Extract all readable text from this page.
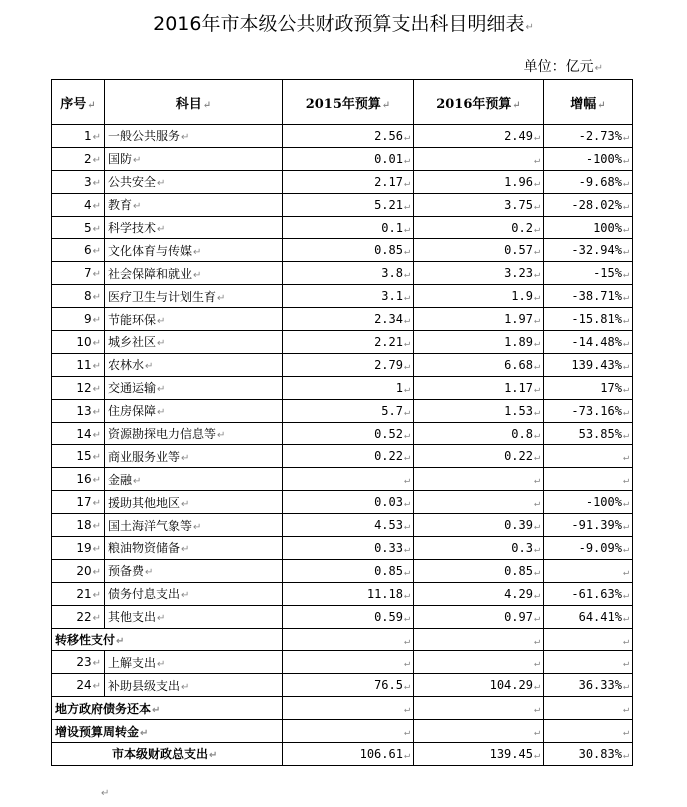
2016年市本级公共财政预算支出科目明细表↵
单位：亿元↵
序号↵	科目↵	2015年预算↵	2016年预算↵	增幅↵
1↵	一般公共服务↵	2.56↵	2.49↵	-2.73%↵
2↵	国防↵	0.01↵	↵	-100%↵
3↵	公共安全↵	2.17↵	1.96↵	-9.68%↵
4↵	教育↵	5.21↵	3.75↵	-28.02%↵
5↵	科学技术↵	0.1↵	0.2↵	100%↵
6↵	文化体育与传媒↵	0.85↵	0.57↵	-32.94%↵
7↵	社会保障和就业↵	3.8↵	3.23↵	-15%↵
8↵	医疗卫生与计划生育↵	3.1↵	1.9↵	-38.71%↵
9↵	节能环保↵	2.34↵	1.97↵	-15.81%↵
10↵	城乡社区↵	2.21↵	1.89↵	-14.48%↵
11↵	农林水↵	2.79↵	6.68↵	139.43%↵
12↵	交通运输↵	1↵	1.17↵	17%↵
13↵	住房保障↵	5.7↵	1.53↵	-73.16%↵
14↵	资源勘探电力信息等↵	0.52↵	0.8↵	53.85%↵
15↵	商业服务业等↵	0.22↵	0.22↵	↵
16↵	金融↵	↵	↵	↵
17↵	援助其他地区↵	0.03↵	↵	-100%↵
18↵	国土海洋气象等↵	4.53↵	0.39↵	-91.39%↵
19↵	粮油物资储备↵	0.33↵	0.3↵	-9.09%↵
20↵	预备费↵	0.85↵	0.85↵	↵
21↵	债务付息支出↵	11.18↵	4.29↵	-61.63%↵
22↵	其他支出↵	0.59↵	0.97↵	64.41%↵
转移性支付↵		↵	↵	↵
23↵	上解支出↵	↵	↵	↵
24↵	补助县级支出↵	76.5↵	104.29↵	36.33%↵
地方政府债务还本↵		↵	↵	↵
增设预算周转金↵		↵	↵	↵
市本级财政总支出↵		106.61↵	139.45↵	30.83%↵
↵
